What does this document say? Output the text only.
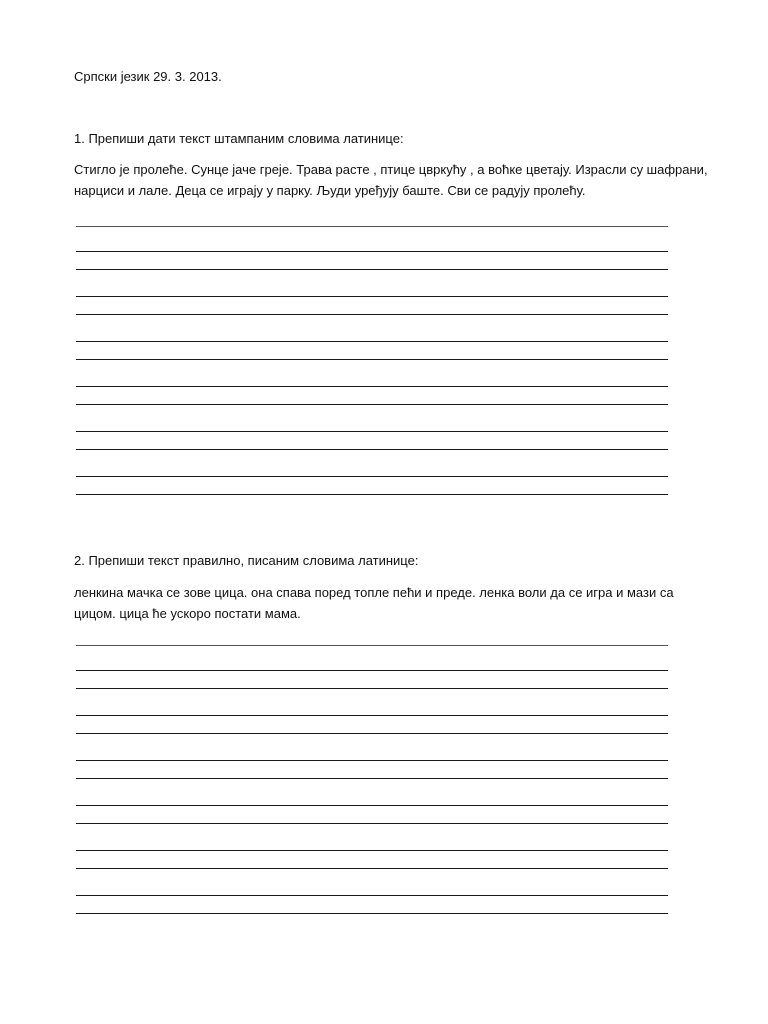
Српски језик 29. 3. 2013.

1. Препиши дати текст штампаним словима латинице:

Стигло је пролеће. Сунце јаче греје. Трава расте , птице цвркућу , а воћке цветају. Израсли су шафрани,
нарциси и лале. Деца се играју у парку. Људи уређују баште. Сви се радују пролећу.

2. Препиши текст правилно, писаним словима латинице:

ленкина мачка се зове цица. она спава поред топле пећи и преде. ленка воли да се игра и мази са
цицом. цица ће ускоро постати мама.
